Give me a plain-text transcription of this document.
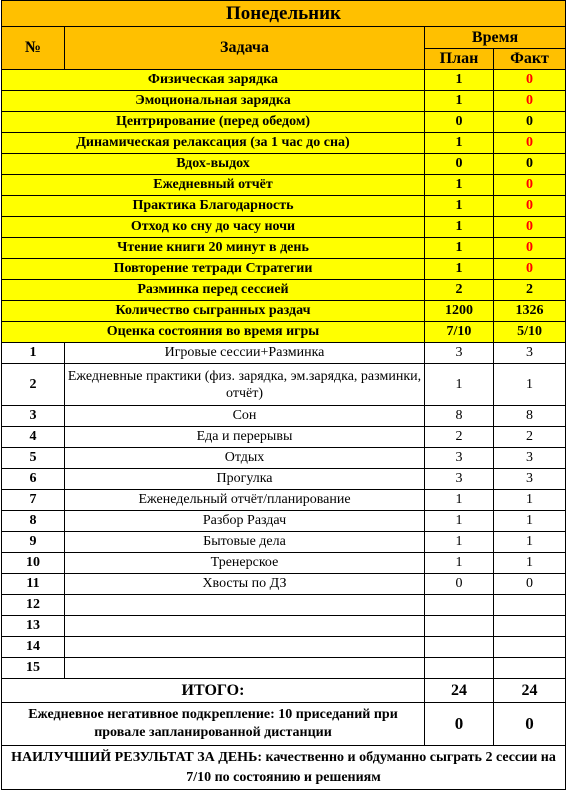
Понедельник			
№	Задача	Время	
		План	Факт
Физическая зарядка		1	0
Эмоциональная зарядка		1	0
Центрирование (перед обедом)		0	0
Динамическая релаксация (за 1 час до сна)		1	0
Вдох-выдох		0	0
Ежедневный отчёт		1	0
Практика Благодарность		1	0
Отход ко сну до часу ночи		1	0
Чтение книги 20 минут в день		1	0
Повторение тетради Стратегии		1	0
Разминка перед сессией		2	2
Количество сыгранных раздач		1200	1326
Оценка состояния во время игры		7/10	5/10
1	Игровые сессии+Разминка	3	3
2	Ежедневные практики (физ. зарядка, эм.зарядка, разминки, отчёт)	1	1
3	Сон	8	8
4	Еда и перерывы	2	2
5	Отдых	3	3
6	Прогулка	3	3
7	Еженедельный отчёт/планирование	1	1
8	Разбор Раздач	1	1
9	Бытовые дела	1	1
10	Тренерское	1	1
11	Хвосты по ДЗ	0	0
12			
13			
14			
15			
ИТОГО:		24	24
Ежедневное негативное подкрепление: 10 приседаний при провале запланированной дистанции		0	0
НАИЛУЧШИЙ РЕЗУЛЬТАТ ЗА ДЕНЬ: качественно и обдуманно сыграть 2 сессии на 7/10 по состоянию и решениям			
